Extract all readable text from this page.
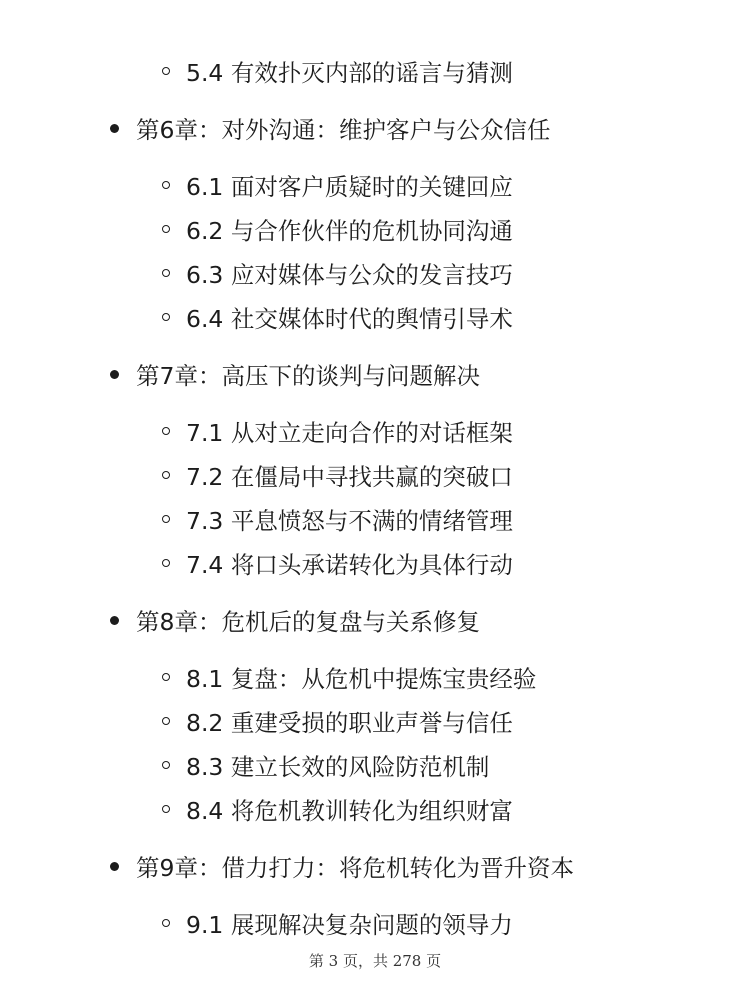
5.4 有效扑灭内部的谣言与猜测
第6章：对外沟通：维护客户与公众信任
6.1 面对客户质疑时的关键回应
6.2 与合作伙伴的危机协同沟通
6.3 应对媒体与公众的发言技巧
6.4 社交媒体时代的舆情引导术
第7章：高压下的谈判与问题解决
7.1 从对立走向合作的对话框架
7.2 在僵局中寻找共赢的突破口
7.3 平息愤怒与不满的情绪管理
7.4 将口头承诺转化为具体行动
第8章：危机后的复盘与关系修复
8.1 复盘：从危机中提炼宝贵经验
8.2 重建受损的职业声誉与信任
8.3 建立长效的风险防范机制
8.4 将危机教训转化为组织财富
第9章：借力打力：将危机转化为晋升资本
9.1 展现解决复杂问题的领导力
第 3 页，共 278 页
